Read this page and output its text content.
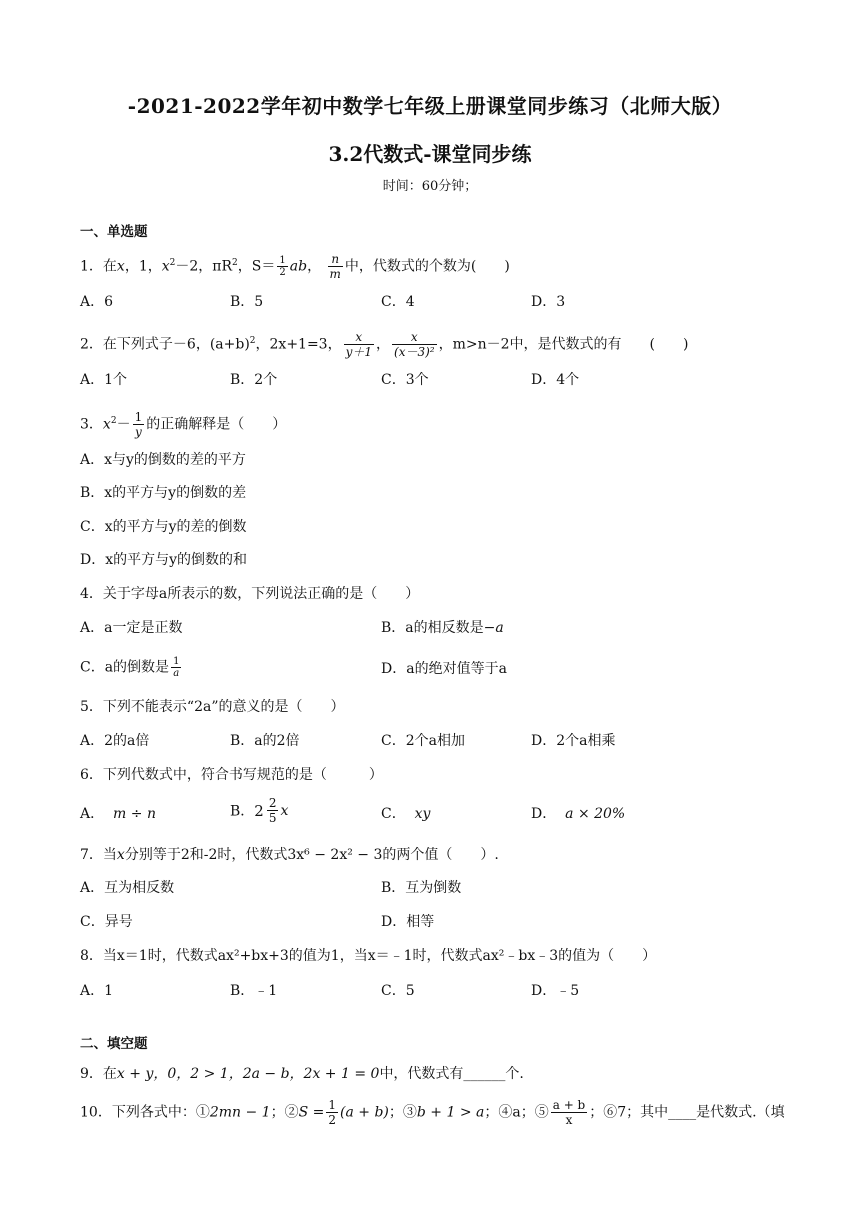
-2021-2022学年初中数学七年级上册课堂同步练习（北师大版）
3.2代数式-课堂同步练
时间：60分钟；
一、单选题
1．在x，1，$x^2-2$，$\pi R^2$，$S= \frac{1}{2}$ ab， $\frac{n}{m}$ 中，代数式的个数为(　　)
A．6	B．5	C．4	D．3
2．在下列式子－6，$(a+b)^2$，2x+1=3， $\frac{x}{y+1}$ ， $\frac{x}{\text{(x－3)²}}$ ，m>n－2中，是代数式的有　　(　　)
A．1个	B．2个	C．3个	D．4个
3．$x^2- \frac{1}{y}$ 的正确解释是（　　）
A．x与y的倒数的差的平方
B．x的平方与y的倒数的差
C．x的平方与y的差的倒数
D．x的平方与y的倒数的和
4．关于字母a所表示的数，下列说法正确的是（　　）
A．a一定是正数	B．a的相反数是−a
C．a的倒数是 $\frac{1}{a}$	D．a的绝对值等于a
5．下列不能表示“2a”的意义的是（　　）
A．2的a倍	B．a的2倍	C．2个a相加	D．2个a相乘
6．下列代数式中，符合书写规范的是（　　　）
A． m ÷ n	B． $2 \frac{2}{5}$ x	C． xy	D． a × 20%
7．当x分别等于2和-2时，代数式3x⁶ − 2x² − 3的两个值（　　）.
A．互为相反数	B．互为倒数
C．异号	D．相等
8．当x＝1时，代数式ax²+bx+3的值为1，当x＝﹣1时，代数式ax²﹣bx﹣3的值为（　　）
A．1	B．﹣1	C．5	D．﹣5
二、填空题
9．在x + y，0，2 > 1，2a − b，2x + 1 = 0中，代数式有______个.
10．下列各式中：①2mn − 1；②S = $\frac{1}{2} (a + b)$；③b + 1 > a；④a；⑤ $\frac{a + b}{x}$ ；⑥7；其中____是代数式.（填
